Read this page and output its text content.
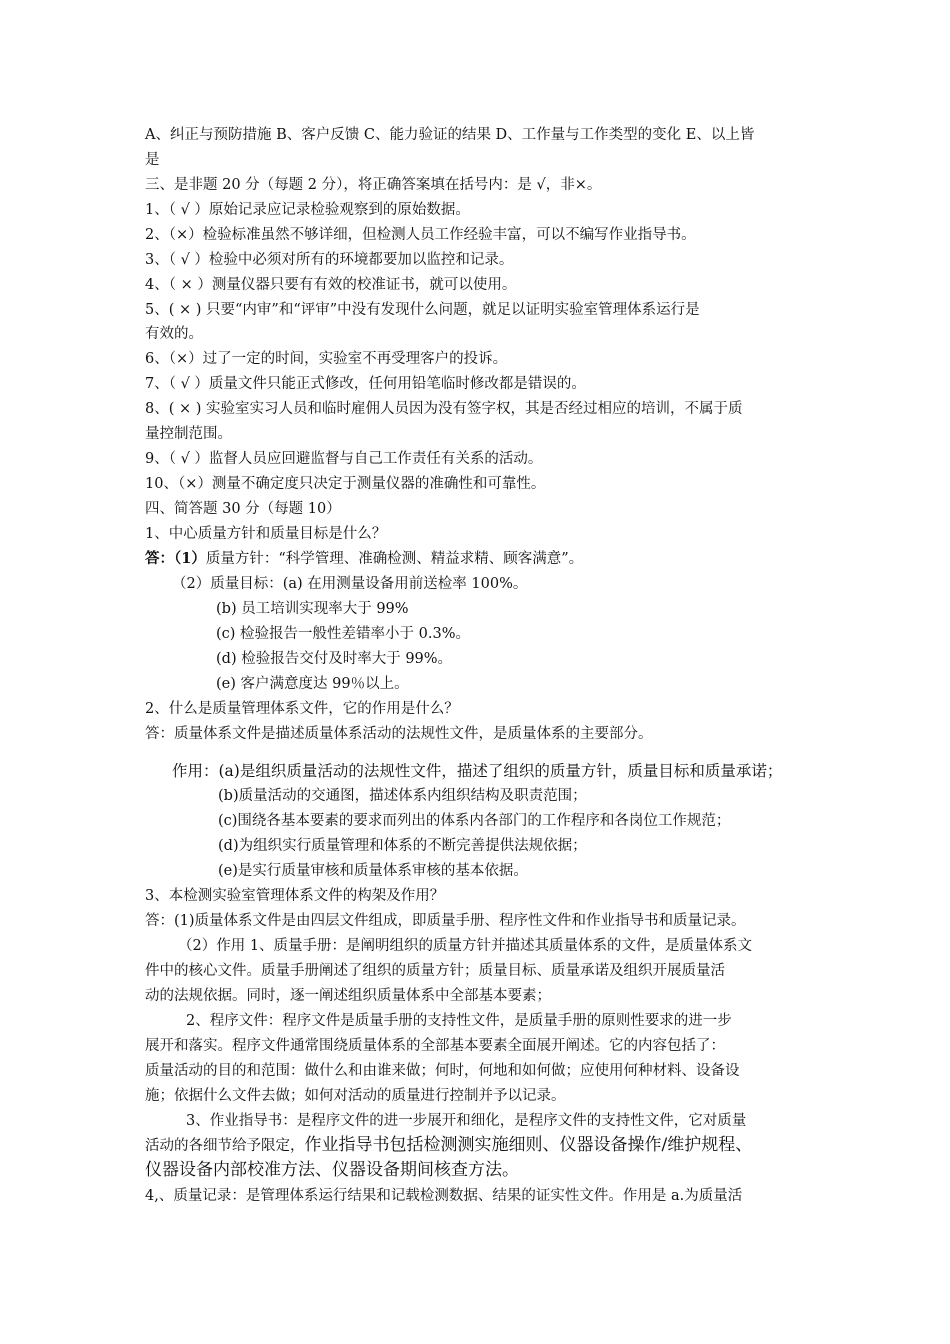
A、纠正与预防措施 B、客户反馈 C、能力验证的结果 D、工作量与工作类型的变化 E、以上皆
是
三、是非题 20 分（每题 2 分），将正确答案填在括号内：是 √，非×。
1、（ √ ）原始记录应记录检验观察到的原始数据。
2、（×）检验标准虽然不够详细，但检测人员工作经验丰富，可以不编写作业指导书。
3、（ √ ）检验中必须对所有的环境都要加以监控和记录。
4、（ × ）测量仪器只要有有效的校准证书，就可以使用。
5、( × ) 只要“内审”和“评审”中没有发现什么问题，就足以证明实验室管理体系运行是
有效的。
6、（×）过了一定的时间，实验室不再受理客户的投诉。
7、（ √ ）质量文件只能正式修改，任何用铅笔临时修改都是错误的。
8、( × ) 实验室实习人员和临时雇佣人员因为没有签字权，其是否经过相应的培训，不属于质
量控制范围。
9、（ √ ）监督人员应回避监督与自己工作责任有关系的活动。
10、（×）测量不确定度只决定于测量仪器的准确性和可靠性。
四、简答题 30 分（每题 10）
1、中心质量方针和质量目标是什么？
答：（1）质量方针：“科学管理、准确检测、精益求精、顾客满意”。
（2）质量目标：(a) 在用测量设备用前送检率 100%。
(b) 员工培训实现率大于 99%
(c) 检验报告一般性差错率小于 0.3%。
(d) 检验报告交付及时率大于 99%。
(e) 客户满意度达 99％以上。
2、什么是质量管理体系文件，它的作用是什么？
答：质量体系文件是描述质量体系活动的法规性文件，是质量体系的主要部分。
作用：(a)是组织质量活动的法规性文件，描述了组织的质量方针，质量目标和质量承诺；
(b)质量活动的交通图，描述体系内组织结构及职责范围；
(c)围绕各基本要素的要求而列出的体系内各部门的工作程序和各岗位工作规范；
(d)为组织实行质量管理和体系的不断完善提供法规依据；
(e)是实行质量审核和质量体系审核的基本依据。
3、本检测实验室管理体系文件的构架及作用？
答：(1)质量体系文件是由四层文件组成，即质量手册、程序性文件和作业指导书和质量记录。
（2）作用 1、质量手册：是阐明组织的质量方针并描述其质量体系的文件，是质量体系文
件中的核心文件。质量手册阐述了组织的质量方针；质量目标、质量承诺及组织开展质量活
动的法规依据。同时，逐一阐述组织质量体系中全部基本要素；
2、程序文件：程序文件是质量手册的支持性文件，是质量手册的原则性要求的进一步
展开和落实。程序文件通常围绕质量体系的全部基本要素全面展开阐述。它的内容包括了：
质量活动的目的和范围：做什么和由谁来做；何时，何地和如何做；应使用何种材料、设备设
施；依据什么文件去做；如何对活动的质量进行控制并予以记录。
3、作业指导书：是程序文件的进一步展开和细化，是程序文件的支持性文件，它对质量
活动的各细节给予限定，作业指导书包括检测测实施细则、仪器设备操作/维护规程、
仪器设备内部校准方法、仪器设备期间核查方法。
4,、质量记录：是管理体系运行结果和记载检测数据、结果的证实性文件。作用是 a.为质量活
